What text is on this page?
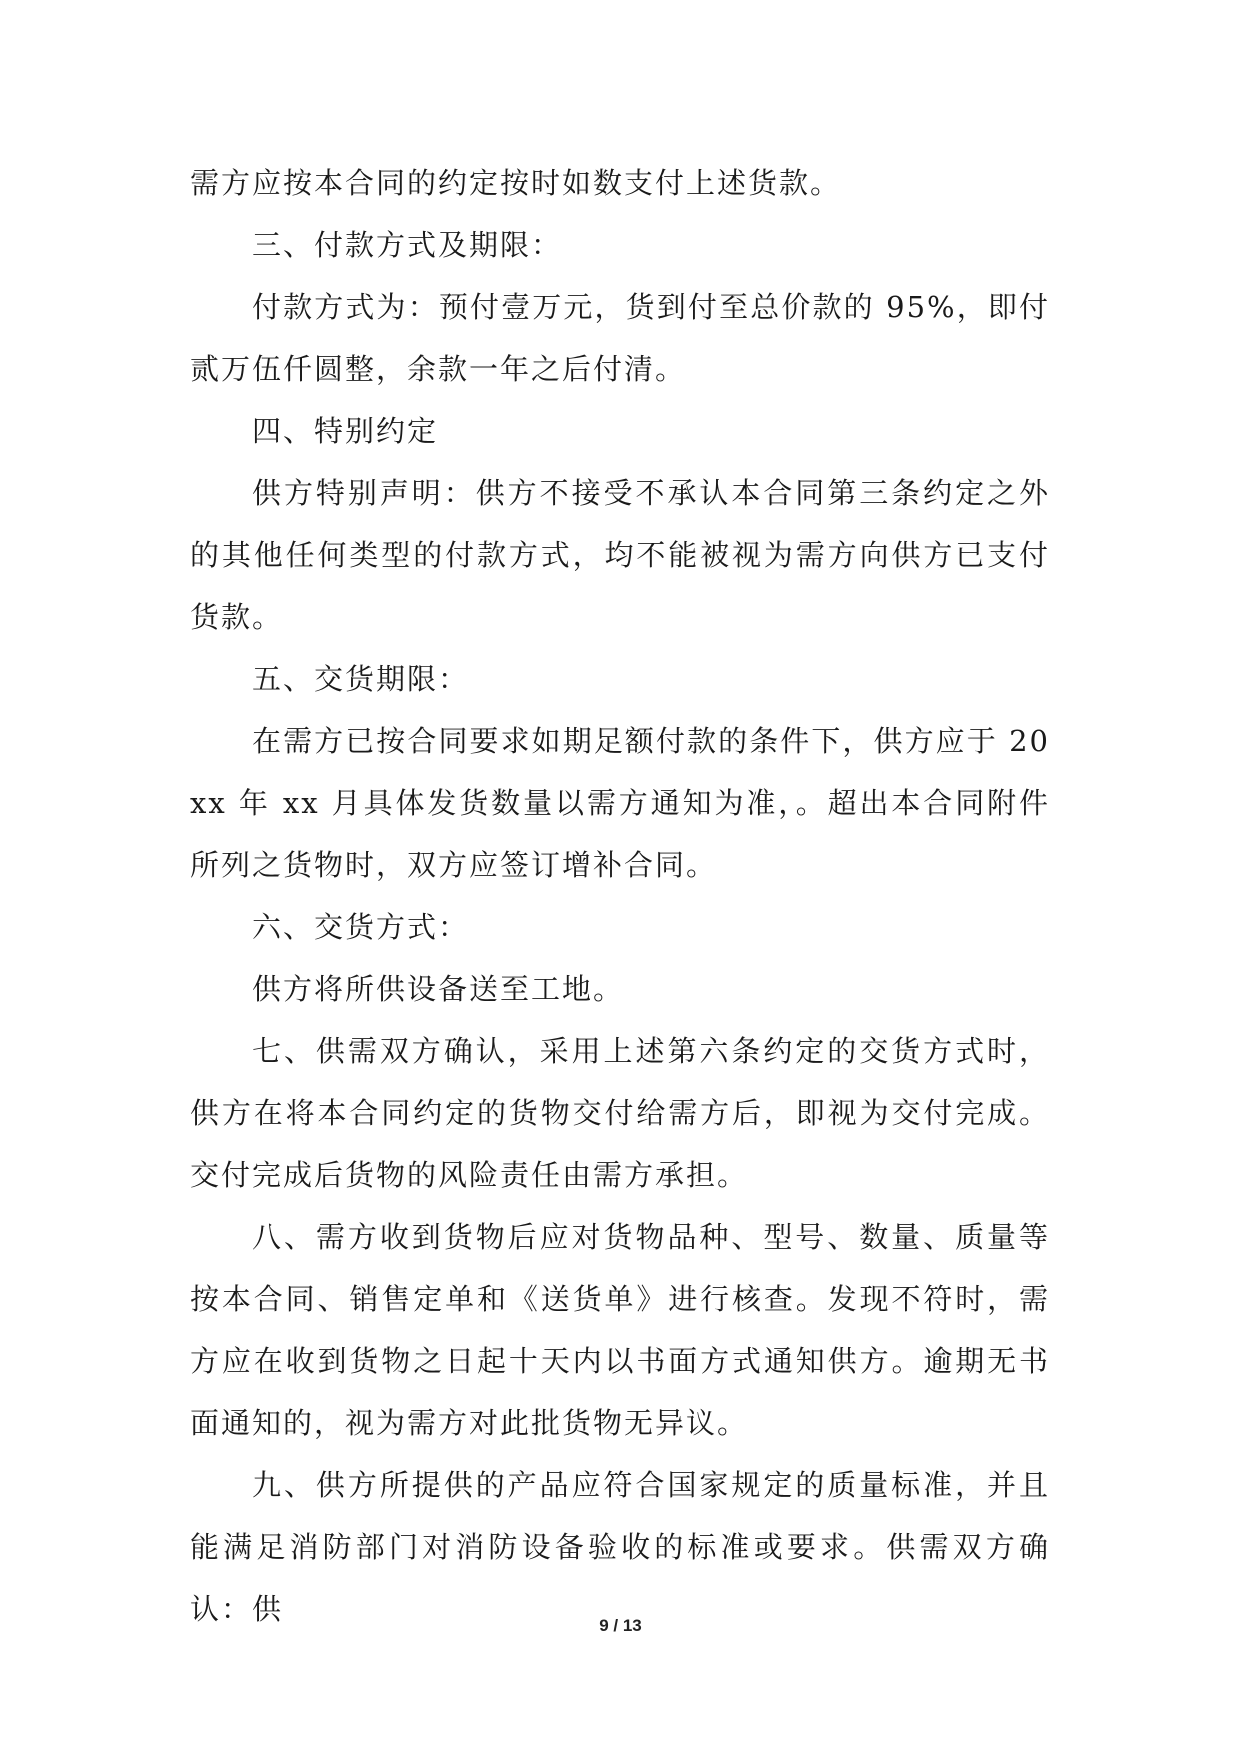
需方应按本合同的约定按时如数支付上述货款。

三、付款方式及期限：

付款方式为：预付壹万元，货到付至总价款的 95%，即付贰万伍仟圆整，余款一年之后付清。

四、特别约定

供方特别声明：供方不接受不承认本合同第三条约定之外的其他任何类型的付款方式，均不能被视为需方向供方已支付货款。

五、交货期限：

在需方已按合同要求如期足额付款的条件下，供方应于 20xx 年 xx 月具体发货数量以需方通知为准，。超出本合同附件所列之货物时，双方应签订增补合同。

六、交货方式：

供方将所供设备送至工地。

七、供需双方确认，采用上述第六条约定的交货方式时，供方在将本合同约定的货物交付给需方后，即视为交付完成。交付完成后货物的风险责任由需方承担。

八、需方收到货物后应对货物品种、型号、数量、质量等按本合同、销售定单和《送货单》进行核查。发现不符时，需方应在收到货物之日起十天内以书面方式通知供方。逾期无书面通知的，视为需方对此批货物无异议。

九、供方所提供的产品应符合国家规定的质量标准，并且能满足消防部门对消防设备验收的标准或要求。供需双方确认：供	9 / 13
